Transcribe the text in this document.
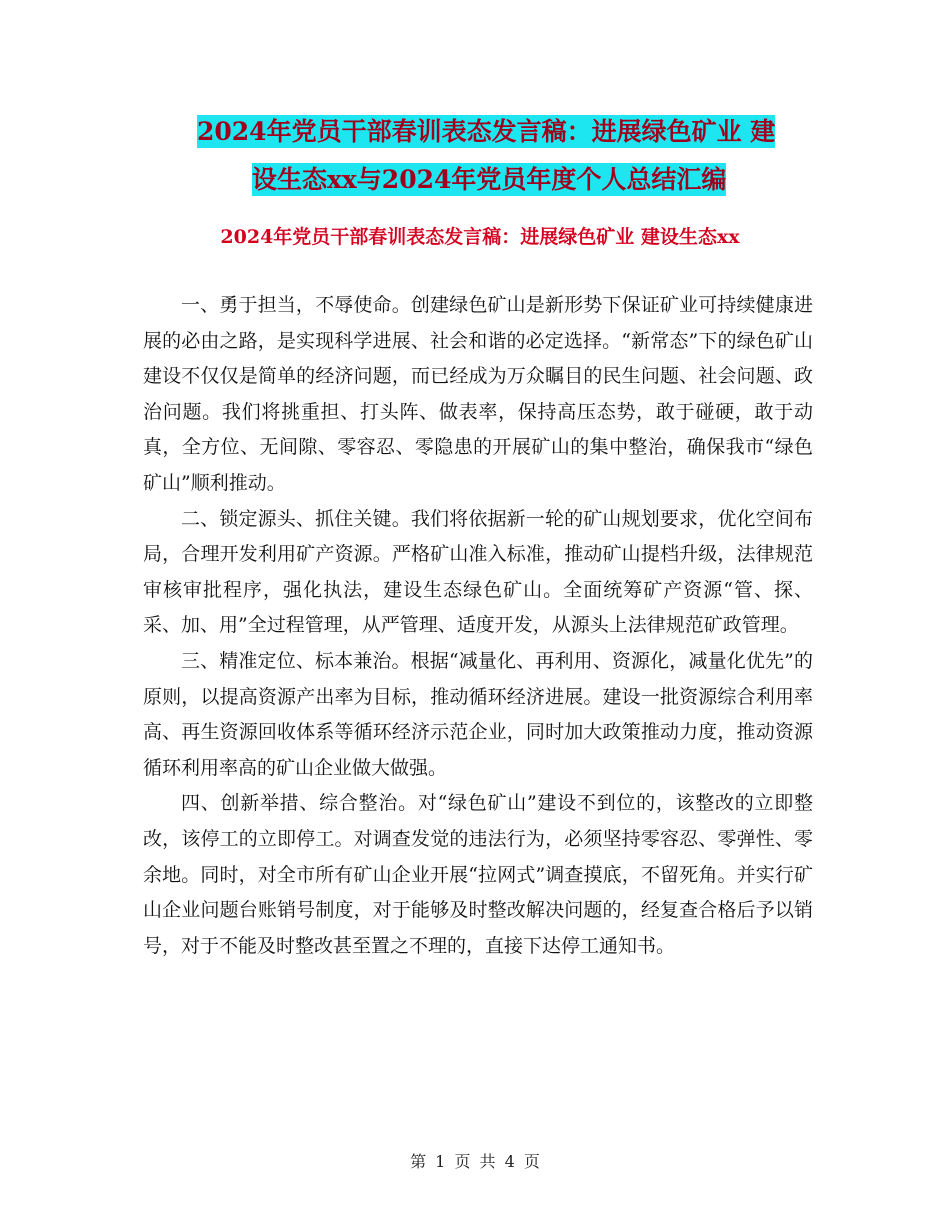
2024年党员干部春训表态发言稿：进展绿色矿业 建
设生态xx与2024年党员年度个人总结汇编
2024年党员干部春训表态发言稿：进展绿色矿业 建设生态xx

一、勇于担当，不辱使命。创建绿色矿山是新形势下保证矿业可持续健康进展的必由之路，是实现科学进展、社会和谐的必定选择。“新常态”下的绿色矿山建设不仅仅是简单的经济问题，而已经成为万众瞩目的民生问题、社会问题、政治问题。我们将挑重担、打头阵、做表率，保持高压态势，敢于碰硬，敢于动真，全方位、无间隙、零容忍、零隐患的开展矿山的集中整治，确保我市“绿色矿山”顺利推动。

二、锁定源头、抓住关键。我们将依据新一轮的矿山规划要求，优化空间布局，合理开发利用矿产资源。严格矿山准入标准，推动矿山提档升级，法律规范审核审批程序，强化执法，建设生态绿色矿山。全面统筹矿产资源“管、探、采、加、用”全过程管理，从严管理、适度开发，从源头上法律规范矿政管理。

三、精准定位、标本兼治。根据“减量化、再利用、资源化，减量化优先”的原则，以提高资源产出率为目标，推动循环经济进展。建设一批资源综合利用率高、再生资源回收体系等循环经济示范企业，同时加大政策推动力度，推动资源循环利用率高的矿山企业做大做强。

四、创新举措、综合整治。对“绿色矿山”建设不到位的，该整改的立即整改，该停工的立即停工。对调查发觉的违法行为，必须坚持零容忍、零弹性、零余地。同时，对全市所有矿山企业开展“拉网式”调查摸底，不留死角。并实行矿山企业问题台账销号制度，对于能够及时整改解决问题的，经复查合格后予以销号，对于不能及时整改甚至置之不理的，直接下达停工通知书。

第 1 页 共 4 页
